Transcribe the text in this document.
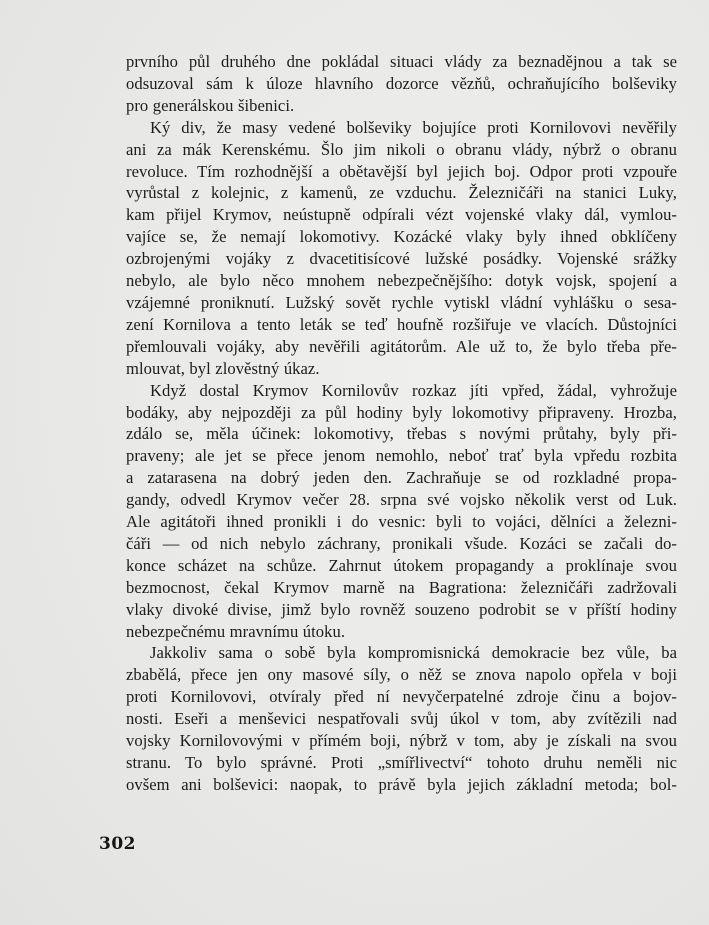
prvního půl druhého dne pokládal situaci vlády za beznadějnou a tak se
odsuzoval sám k úloze hlavního dozorce vězňů, ochraňujícího bolševiky
pro generálskou šibenici.

Ký div, že masy vedené bolševiky bojujíce proti Kornilovovi nevěřily
ani za mák Kerenskému. Šlo jim nikoli o obranu vlády, nýbrž o obranu
revoluce. Tím rozhodnější a obětavější byl jejich boj. Odpor proti vzpouře
vyrůstal z kolejnic, z kamenů, ze vzduchu. Železničáři na stanici Luky,
kam přijel Krymov, neústupně odpírali vézt vojenské vlaky dál, vymlou-
vajíce se, že nemají lokomotivy. Kozácké vlaky byly ihned obklíčeny
ozbrojenými vojáky z dvacetitisícové lužské posádky. Vojenské srážky
nebylo, ale bylo něco mnohem nebezpečnějšího: dotyk vojsk, spojení a
vzájemné proniknutí. Lužský sovět rychle vytiskl vládní vyhlášku o sesa-
zení Kornilova a tento leták se teď houfně rozšiřuje ve vlacích. Důstojníci
přemlouvali vojáky, aby nevěřili agitátorům. Ale už to, že bylo třeba pře-
mlouvat, byl zlověstný úkaz.

Když dostal Krymov Kornilovův rozkaz jíti vpřed, žádal, vyhrožuje
bodáky, aby nejpozději za půl hodiny byly lokomotivy připraveny. Hrozba,
zdálo se, měla účinek: lokomotivy, třebas s novými průtahy, byly při-
praveny; ale jet se přece jenom nemohlo, neboť trať byla vpředu rozbita
a zatarasena na dobrý jeden den. Zachraňuje se od rozkladné propa-
gandy, odvedl Krymov večer 28. srpna své vojsko několik verst od Luk.
Ale agitátoři ihned pronikli i do vesnic: byli to vojáci, dělníci a železni-
čáři — od nich nebylo záchrany, pronikali všude. Kozáci se začali do-
konce scházet na schůze. Zahrnut útokem propagandy a proklínaje svou
bezmocnost, čekal Krymov marně na Bagrationa: železničáři zadržovali
vlaky divoké divise, jimž bylo rovněž souzeno podrobit se v příští hodiny
nebezpečnému mravnímu útoku.

Jakkoliv sama o sobě byla kompromisnická demokracie bez vůle, ba
zbabělá, přece jen ony masové síly, o něž se znova napolo opřela v boji
proti Kornilovovi, otvíraly před ní nevyčerpatelné zdroje činu a bojov-
nosti. Eseři a menševici nespatřovali svůj úkol v tom, aby zvítězili nad
vojsky Kornilovovými v přímém boji, nýbrž v tom, aby je získali na svou
stranu. To bylo správné. Proti „smířlivectví“ tohoto druhu neměli nic
ovšem ani bolševici: naopak, to právě byla jejich základní metoda; bol-

302
